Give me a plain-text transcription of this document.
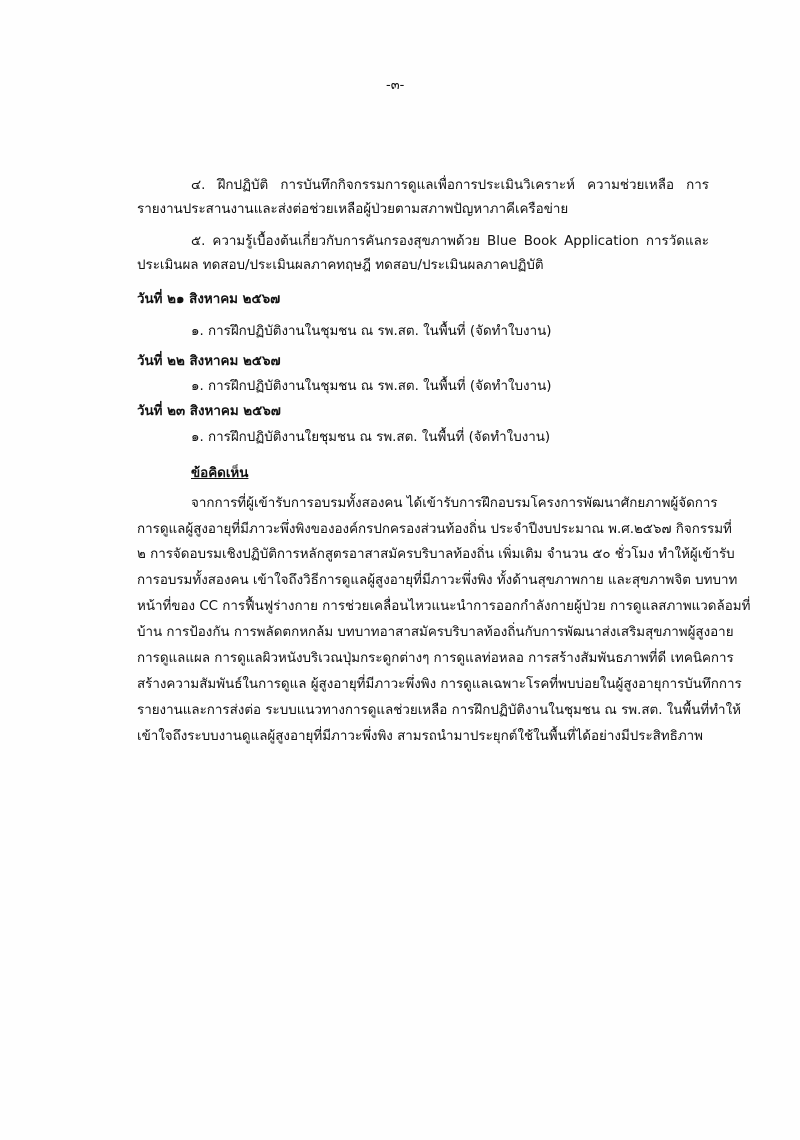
-๓-
๔. ฝึกปฏิบัติ การบันทึกกิจกรรมการดูแลเพื่อการประเมินวิเคราะห์ ความช่วยเหลือ การ
รายงานประสานงานและส่งต่อช่วยเหลือผู้ป่วยตามสภาพปัญหาภาคีเครือข่าย
๕. ความรู้เบื้องต้นเกี่ยวกับการคันกรองสุขภาพด้วย Blue Book Application การวัดและ
ประเมินผล ทดสอบ/ประเมินผลภาคทฤษฎี ทดสอบ/ประเมินผลภาคปฏิบัติ
วันที่ ๒๑ สิงหาคม ๒๕๖๗
๑. การฝึกปฏิบัติงานในชุมชน ณ รพ.สต. ในพื้นที่ (จัดทำใบงาน)
วันที่ ๒๒ สิงหาคม ๒๕๖๗
๑. การฝึกปฏิบัติงานในชุมชน ณ รพ.สต. ในพื้นที่ (จัดทำใบงาน)
วันที่ ๒๓ สิงหาคม ๒๕๖๗
๑. การฝึกปฏิบัติงานใยชุมชน ณ รพ.สต. ในพื้นที่ (จัดทำใบงาน)
ข้อคิดเห็น
จากการที่ผู้เข้ารับการอบรมทั้งสองคน ได้เข้ารับการฝึกอบรมโครงการพัฒนาศักยภาพผู้จัดการ
การดูแลผู้สูงอายุที่มีภาวะพึ่งพิงขององค์กรปกครองส่วนท้องถิ่น ประจำปีงบประมาณ พ.ศ.๒๕๖๗ กิจกรรมที่
๒ การจัดอบรมเชิงปฏิบัติการหลักสูตรอาสาสมัครบริบาลท้องถิ่น เพิ่มเติม จำนวน ๕๐ ชั่วโมง ทำให้ผู้เข้ารับ
การอบรมทั้งสองคน เข้าใจถึงวิธีการดูแลผู้สูงอายุที่มีภาวะพึ่งพิง ทั้งด้านสุขภาพกาย และสุขภาพจิต บทบาท
หน้าที่ของ CC การฟื้นฟูร่างกาย การช่วยเคลื่อนไหวแนะนำการออกกำลังกายผู้ป่วย การดูแลสภาพแวดล้อมที่
บ้าน การป้องกัน การพลัดตกหกล้ม บทบาทอาสาสมัครบริบาลท้องถิ่นกับการพัฒนาส่งเสริมสุขภาพผู้สูงอาย
การดูแลแผล การดูแลผิวหนังบริเวณปุ่มกระดูกต่างๆ การดูแลท่อหลอ การสร้างสัมพันธภาพที่ดี เทคนิคการ
สร้างความสัมพันธ์ในการดูแล ผู้สูงอายุที่มีภาวะพึ่งพิง การดูแลเฉพาะโรคที่พบบ่อยในผู้สูงอายุการบันทึกการ
รายงานและการส่งต่อ ระบบแนวทางการดูแลช่วยเหลือ การฝึกปฏิบัติงานในชุมชน ณ รพ.สต. ในพื้นที่ทำให้
เข้าใจถึงระบบงานดูแลผู้สูงอายุที่มีภาวะพึ่งพิง สามรถนำมาประยุกต์ใช้ในพื้นที่ได้อย่างมีประสิทธิภาพ
